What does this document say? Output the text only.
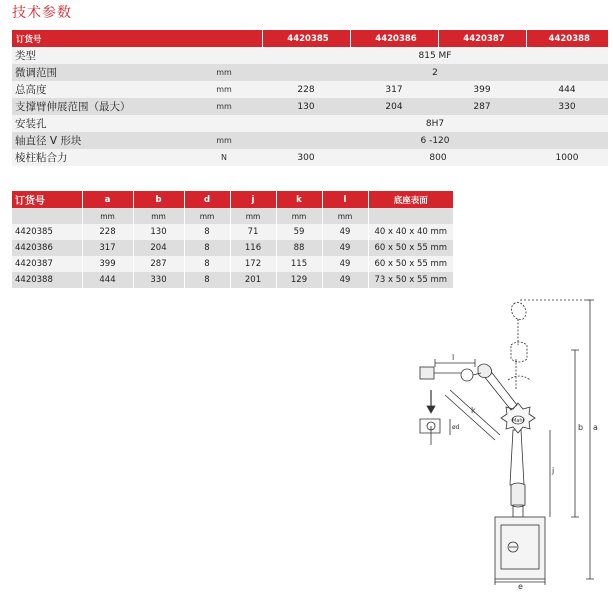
技术参数
订货号		4420385	4420386	4420387	4420388
类型		815 MF			
微调范围	mm	2			
总高度	mm	228	317	399	444
支撑臂伸展范围（最大）	mm	130	204	287	330
安装孔		8H7			
轴直径 V 形块	mm	6 -120			
棱柱粘合力	N	300	800		1000
订货号	a	b	d	j	k	l	底座表面
	mm	mm	mm	mm	mm	mm	
4420385	228	130	8	71	59	49	40 x 40 x 40 mm
4420386	317	204	8	116	88	49	60 x 50 x 55 mm
4420387	399	287	8	172	115	49	60 x 50 x 55 mm
4420388	444	330	8	201	129	49	73 x 50 x 55 mm
a
b
j
k
l
e
ød
Mahr
